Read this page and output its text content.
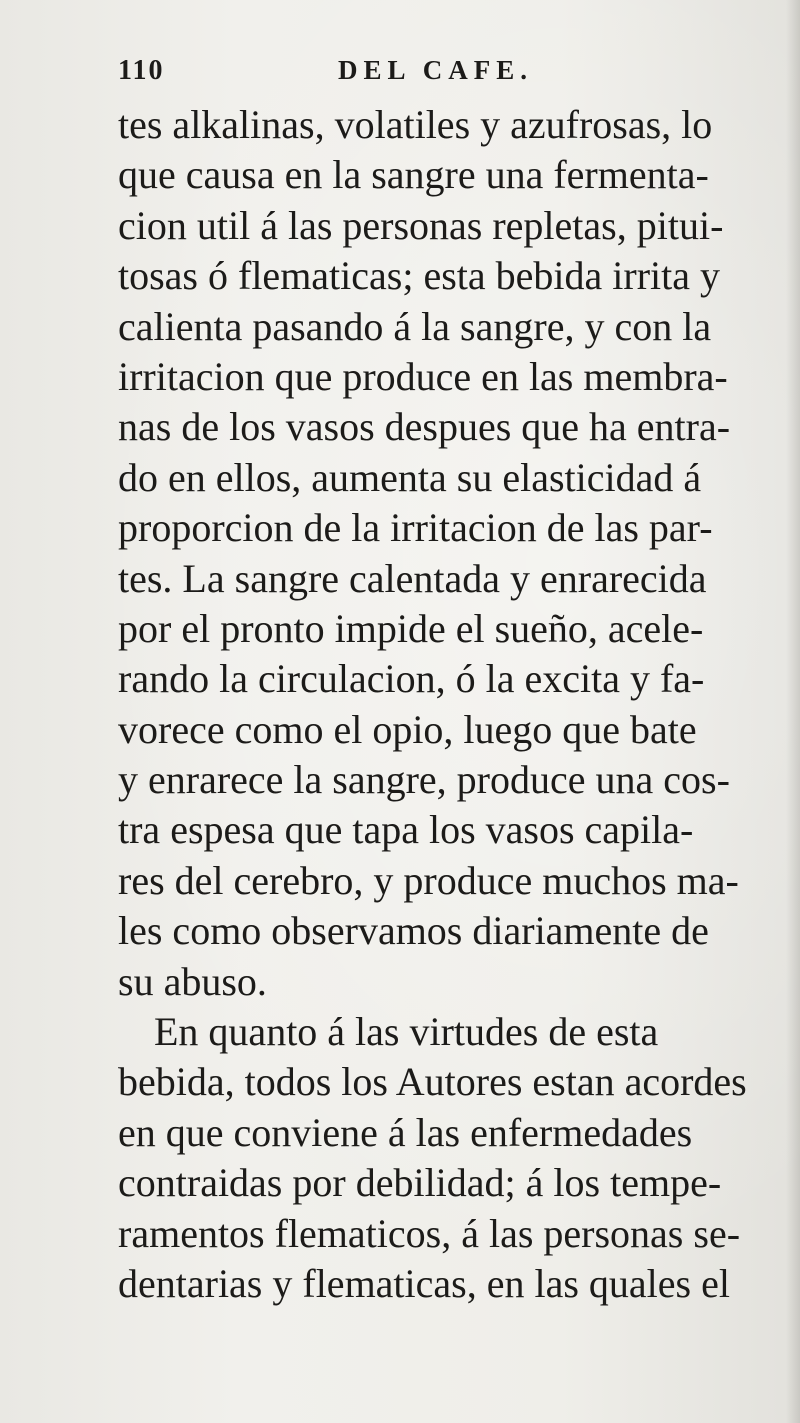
110	DEL CAFE.
tes alkalinas, volatiles y azufrosas, lo
que causa en la sangre una fermenta-
cion util á las personas repletas, pitui-
tosas ó flematicas; esta bebida irrita y
calienta pasando á la sangre, y con la
irritacion que produce en las membra-
nas de los vasos despues que ha entra-
do en ellos, aumenta su elasticidad á
proporcion de la irritacion de las par-
tes. La sangre calentada y enrarecida
por el pronto impide el sueño, acele-
rando la circulacion, ó la excita y fa-
vorece como el opio, luego que bate
y enrarece la sangre, produce una cos-
tra espesa que tapa los vasos capila-
res del cerebro, y produce muchos ma-
les como observamos diariamente de
su abuso.
En quanto á las virtudes de esta
bebida, todos los Autores estan acordes
en que conviene á las enfermedades
contraidas por debilidad; á los tempe-
ramentos flematicos, á las personas se-
dentarias y flematicas, en las quales el
